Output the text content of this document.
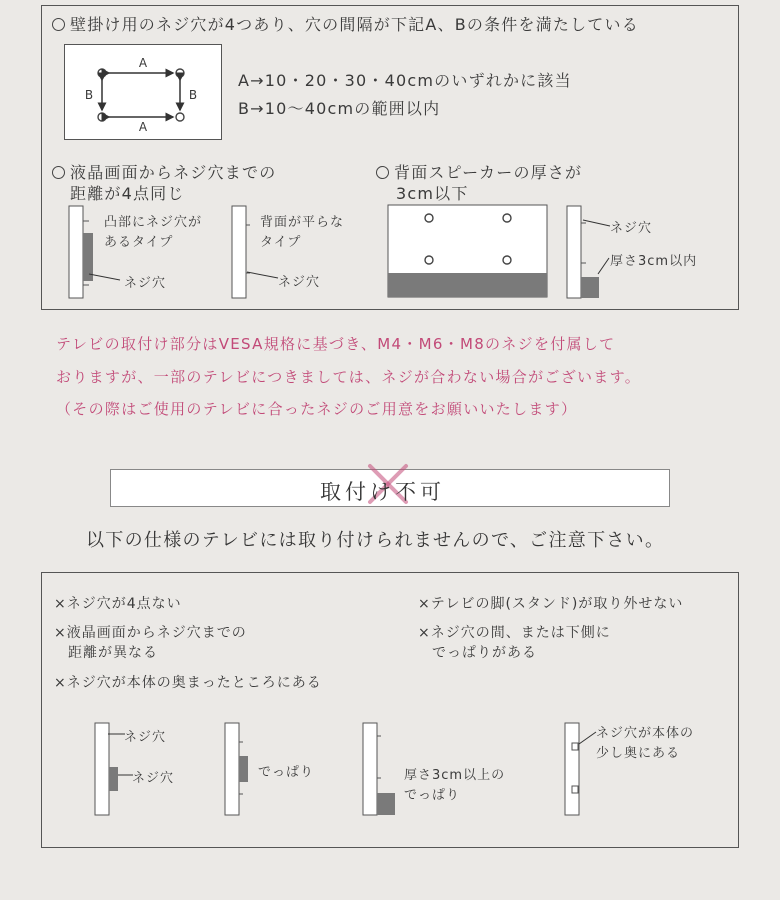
壁掛け用のネジ穴が4つあり、穴の間隔が下記A、Bの条件を満たしている
A
A
B	B
A→10・20・30・40cmのいずれかに該当
B→10〜40cmの範囲以内
液晶画面からネジ穴までの
距離が4点同じ
凸部にネジ穴が
あるタイプ
ネジ穴
背面が平らな
タイプ
ネジ穴
背面スピーカーの厚さが
3cm以下
ネジ穴
厚さ3cm以内
テレビの取付け部分はVESA規格に基づき、M4・M6・M8のネジを付属して
おりますが、一部のテレビにつきましては、ネジが合わない場合がございます。
（その際はご使用のテレビに合ったネジのご用意をお願いいたします）
取付け不可
以下の仕様のテレビには取り付けられませんので、ご注意下さい。
×ネジ穴が4点ない
×液晶画面からネジ穴までの
距離が異なる
×ネジ穴が本体の奥まったところにある
×テレビの脚(スタンド)が取り外せない
×ネジ穴の間、または下側に
でっぱりがある
ネジ穴
ネジ穴	でっぱり	厚さ3cm以上の
でっぱり
ネジ穴が本体の
少し奥にある
